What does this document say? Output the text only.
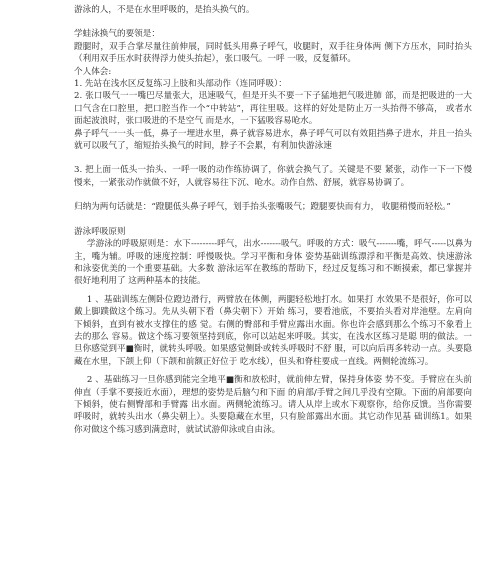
游泳的人，不是在水里呼吸的，是抬头换气的。

学蛙泳换气的要领是：

蹬腿时，双手合掌尽量往前伸展，同时低头用鼻子呼气，收腿时，双手往身体两 侧下方压水，同时抬头（利用双手压水时获得浮力使头抬起），张口吸气。一呼 一吸，反复循环。

个人体会:

1. 先站在浅水区反复练习上肢和头部动作（连同呼吸）：

2. 张口吸气一一嘴巴尽量张大，迅速吸气，但是开头不要一下子猛地把气吸进肺 部，而是把吸进的一大口气含在口腔里，把口腔当作一个“中转站”，再往里吸。这样的好处是防止万一头抬得不够高， 或者水面起波浪时，张口吸进的不是空气 而是水，一下猛吸容易呛水。

鼻子呼气一一头一低，鼻子一埋进水里，鼻子就容易进水，鼻子呼气可以有效阻挡鼻子进水，并且一抬头就可以吸气了，缩短抬头换气的时间，脖子不会累，有利加快游泳速

3. 把上面一低头一抬头、一呼一吸的动作练协调了，你就会换气了。关键是不要 紧张，动作一下一下慢慢来，一紧张动作就做不好，人就容易往下沉、呛水。动作自然、舒展，就容易协调了。

归纳为两句话就是：“蹬腿低头鼻子呼气，划手抬头张嘴吸气；蹬腿要快而有力， 收腿稍慢而轻松。”

游泳呼吸原则

学游泳的呼吸原则是：水下---------呼气，出水-------吸气。呼吸的方式：吸气-------嘴，呼气-----以鼻为主，嘴为辅。呼吸的速度控制：呼慢吸快。学习平衡和身体 姿势基础训练漂浮和平衡是高效、快速游泳和泳姿优美的一个重要基础。大多数 游泳运军在教练的帮助下，经过反复练习和不断摸索，都已掌握并很好地利用了 这两种基本的技能。

1 、基础训练左侧卧位蹬边滑行，两臂放在体侧，两腿轻松地打水。如果打 水效果不是很好，你可以戴上脚蹼做这个练习。先从头朝下看（鼻尖朝下）开始 练习，要看池底，不要抬头看对岸池壁。左肩向下倾斜，直到有被水支撑住的感 觉。右侧的臀部和手臂应露出水面。你也许会感到那么个练习不象看上去的那么 容易。做这个练习要领坚持到底，你可以站起来呼吸。其实，在浅水区练习是聪 明的做法。一旦你感觉到平■衡时，就转头呼吸。如果感觉侧卧或转头呼吸时不舒 服，可以向后再多转动一点。头要隐藏在水里，下颌上仰（下颌和前额正好位于 吃水线），但头和脊柱要成一直线。两侧轮流练习。

2 、基础练习一旦你感到能完全地平■衡和放松时，就前伸左臂，保持身体姿 势不变。手臂应在头前伸直（手掌不要接近水面），理想的姿势是后脑勺和下面 的肩部/手臂之间几乎没有空隙。下面的肩部要向下倾斜，使右侧臀部和手臂露 出水面。两侧轮流练习。请人从岸上或水下观察你，给你反馈。当你需要呼吸时，就转头出水（鼻尖朝上）。头要隐藏在水里，只有脸部露出水面。其它动作见基 础训练1。如果你对做这个练习感到满意时，就试试游仰泳或自由泳。
